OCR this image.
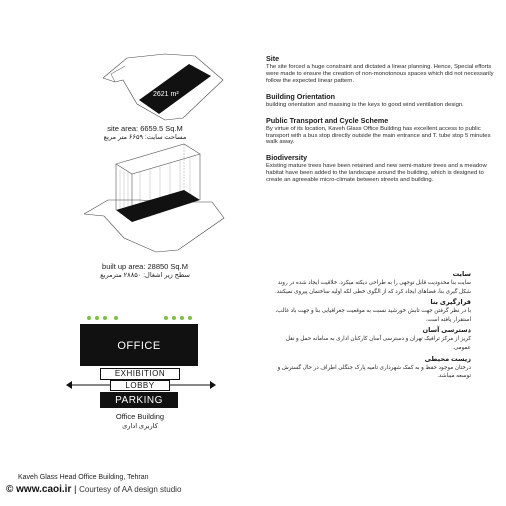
2621 m²
site area: 6659.5 Sq.M
مساحت سایت: ۶۶۵۹ متر مربع
built up area: 28850 Sq.M
سطح زیر اشغال: ۲۸۸۵۰ مترمربع
Site

The site forced a huge constraint and dictated a linear planning. Hence, Special efforts were made to ensure the creation of non-monotonous spaces which did not necessarily follow the expected linear pattern.

Building Orientation

building orientation and massing is the keys to good wind ventilation design.

Public Transport and Cycle Scheme

By virtue of its location, Kaveh Glass Office Building has excellent access to public transport with a bus stop directly outside the main entrance and T. tube stop 5 minutes walk away.

Biodiversity

Existing mature trees have been retained and new semi-mature trees and a meadow habitat have been added to the landscape around the building, which is designed to create an agreeable micro-climate between streets and building.

سایت
سایت بنا محدودیت قابل توجهی را به طراحی دیکته میکرد. خلاقیت ایجاد شده در روند شکل گیری بنا، فضاهای ایجاد کرد که از الگوی خطی لکه اولیه ساختمان پیروی نمیکنند.
قرارگیری بنا
با در نظر گرفتن جهت تابش خورشید نسبت به موقعیت جغرافیایی بنا و جهت باد غالب، استقرار یافته است.
دسترسی آسان
کریز از مرکز ترافیک تهران و دسترسی آسان کارکنان اداری به سامانه حمل و نقل عمومی.
زیست محیطی
درختان موجود حفظ و به کمک شهرداری تامیه پارک جنگلی اطراف در حال گسترش و توسعه میباشد.
OFFICE
EXHIBITION
LOBBY
PARKING
Office Building
کاربری اداری
Kaveh Glass Head Office Building, Tehran
© www.caoi.ir | Courtesy of AA design studio
